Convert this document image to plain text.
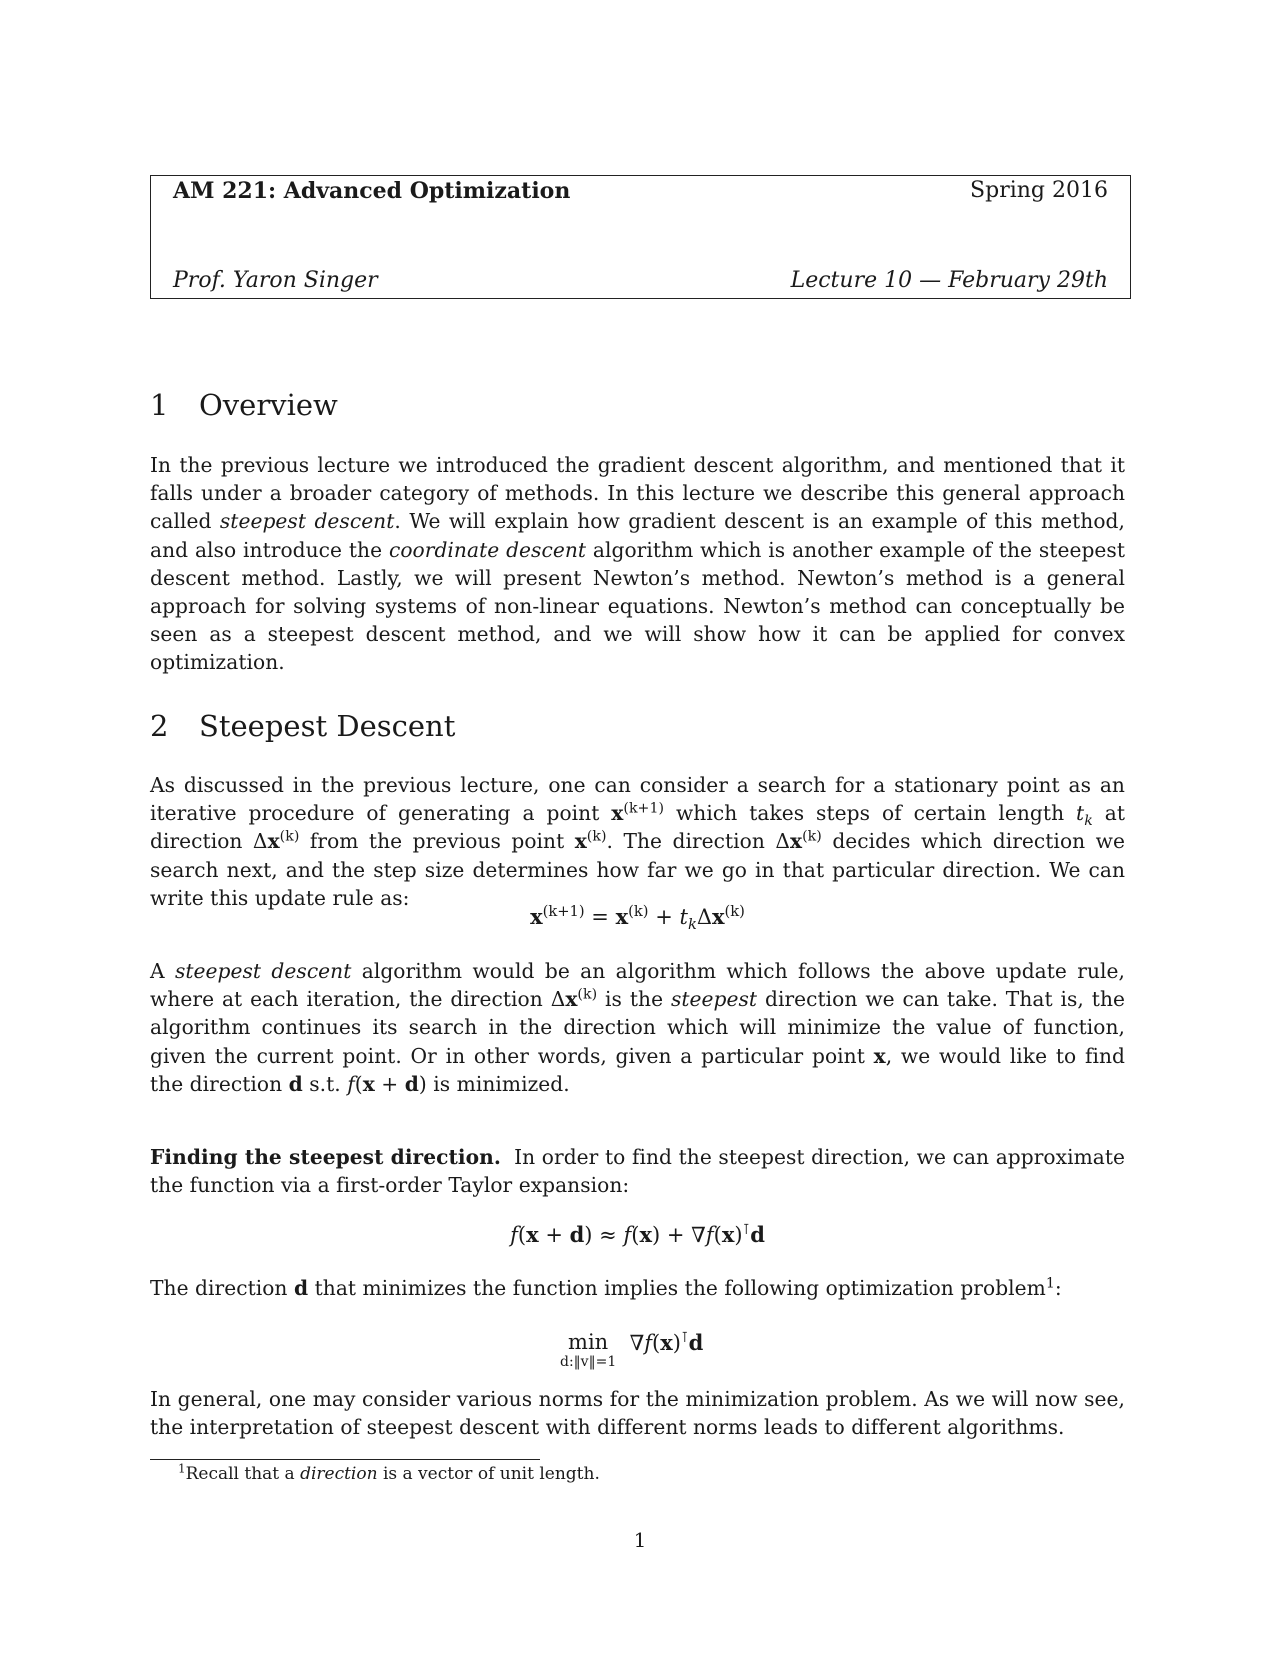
AM 221: Advanced Optimization	Spring 2016
Prof. Yaron Singer	Lecture 10 — February 29th
1 Overview

In the previous lecture we introduced the gradient descent algorithm, and mentioned that it falls under a broader category of methods. In this lecture we describe this general approach called steepest descent. We will explain how gradient descent is an example of this method, and also introduce the coordinate descent algorithm which is another example of the steepest descent method. Lastly, we will present Newton’s method. Newton’s method is a general approach for solving systems of non-linear equations. Newton’s method can conceptually be seen as a steepest descent method, and we will show how it can be applied for convex optimization.

2 Steepest Descent

As discussed in the previous lecture, one can consider a search for a stationary point as an iterative procedure of generating a point $x^{(k+1)}$ which takes steps of certain length $t_k$ at direction $\Delta x^{(k)}$ from the previous point $x^{(k)}$. The direction $\Delta x^{(k)}$ decides which direction we search next, and the step size determines how far we go in that particular direction. We can write this update rule as:

$x^{(k+1)} = x^{(k)} + t_k\Delta x^{(k)}$

A steepest descent algorithm would be an algorithm which follows the above update rule, where at each iteration, the direction $\Delta x^{(k)}$ is the steepest direction we can take. That is, the algorithm continues its search in the direction which will minimize the value of function, given the current point. Or in other words, given a particular point x, we would like to find the direction d s.t. f(x + d) is minimized.

Finding the steepest direction. In order to find the steepest direction, we can approximate the function via a first-order Taylor expansion:

f(x + d) ≈ f(x) + ∇f(x)⊺d

The direction d that minimizes the function implies the following optimization problem$^1$:

min
d:‖v‖=1
∇f(x)⊺d

In general, one may consider various norms for the minimization problem. As we will now see, the interpretation of steepest descent with different norms leads to different algorithms.

$^1$Recall that a direction is a vector of unit length.
1
